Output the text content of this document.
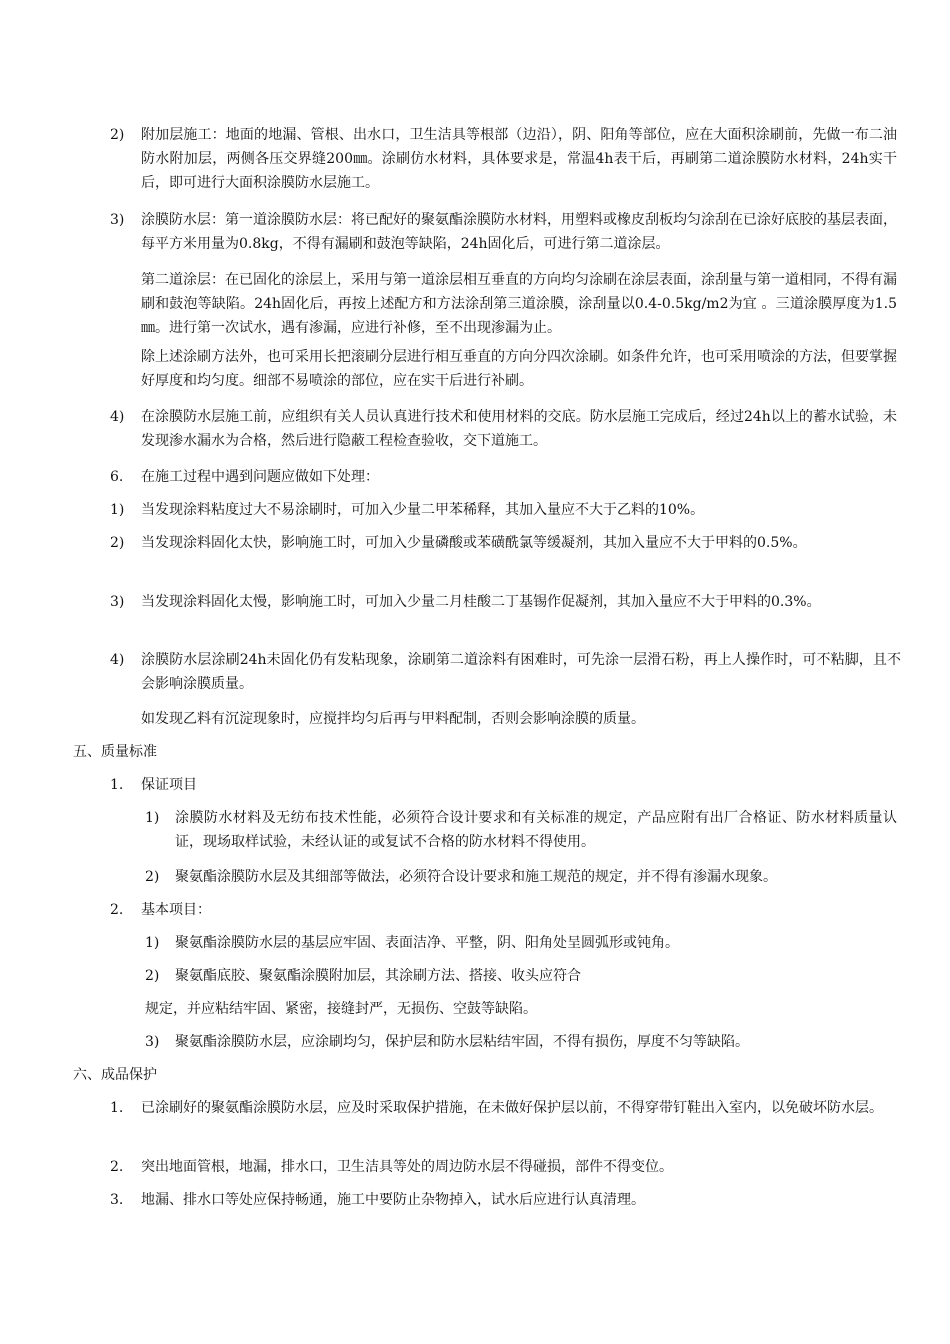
2) 附加层施工：地面的地漏、管根、出水口，卫生洁具等根部（边沿），阴、阳角等部位，应在大面积涂刷前，先做一布二油防水附加层，两侧各压交界缝200㎜。涂刷仿水材料，具体要求是，常温4h表干后，再刷第二道涂膜防水材料，24h实干后，即可进行大面积涂膜防水层施工。
3) 涂膜防水层：第一道涂膜防水层：将已配好的聚氨酯涂膜防水材料，用塑料或橡皮刮板均匀涂刮在已涂好底胶的基层表面，每平方米用量为0.8kg，不得有漏刷和鼓泡等缺陷，24h固化后，可进行第二道涂层。
第二道涂层：在已固化的涂层上，采用与第一道涂层相互垂直的方向均匀涂刷在涂层表面，涂刮量与第一道相同，不得有漏刷和鼓泡等缺陷。24h固化后，再按上述配方和方法涂刮第三道涂膜，涂刮量以0.4-0.5kg/m2为宜 。三道涂膜厚度为1.5㎜。进行第一次试水，遇有渗漏，应进行补修，至不出现渗漏为止。
除上述涂刷方法外，也可采用长把滚刷分层进行相互垂直的方向分四次涂刷。如条件允许，也可采用喷涂的方法，但要掌握好厚度和均匀度。细部不易喷涂的部位，应在实干后进行补刷。
4) 在涂膜防水层施工前，应组织有关人员认真进行技术和使用材料的交底。防水层施工完成后，经过24h以上的蓄水试验，未发现渗水漏水为合格，然后进行隐蔽工程检查验收，交下道施工。
6. 在施工过程中遇到问题应做如下处理：
1) 当发现涂料粘度过大不易涂刷时，可加入少量二甲苯稀释，其加入量应不大于乙料的10%。
2) 当发现涂料固化太快，影响施工时，可加入少量磷酸或苯磺酰氯等缓凝剂，其加入量应不大于甲料的0.5%。
3) 当发现涂料固化太慢，影响施工时，可加入少量二月桂酸二丁基锡作促凝剂，其加入量应不大于甲料的0.3%。
4) 涂膜防水层涂刷24h未固化仍有发粘现象，涂刷第二道涂料有困难时，可先涂一层滑石粉，再上人操作时，可不粘脚，且不会影响涂膜质量。
如发现乙料有沉淀现象时，应搅拌均匀后再与甲料配制，否则会影响涂膜的质量。
五、质量标准
1. 保证项目
1) 涂膜防水材料及无纺布技术性能，必须符合设计要求和有关标准的规定，产品应附有出厂合格证、防水材料质量认证，现场取样试验，未经认证的或复试不合格的防水材料不得使用。
2) 聚氨酯涂膜防水层及其细部等做法，必须符合设计要求和施工规范的规定，并不得有渗漏水现象。
2. 基本项目：
1) 聚氨酯涂膜防水层的基层应牢固、表面洁净、平整，阴、阳角处呈圆弧形或钝角。
2) 聚氨酯底胶、聚氨酯涂膜附加层，其涂刷方法、搭接、收头应符合
规定，并应粘结牢固、紧密，接缝封严，无损伤、空鼓等缺陷。
3) 聚氨酯涂膜防水层，应涂刷均匀，保护层和防水层粘结牢固，不得有损伤，厚度不匀等缺陷。
六、成品保护
1. 已涂刷好的聚氨酯涂膜防水层，应及时采取保护措施，在未做好保护层以前，不得穿带钉鞋出入室内，以免破坏防水层。
2. 突出地面管根，地漏，排水口，卫生洁具等处的周边防水层不得碰损，部件不得变位。
3. 地漏、排水口等处应保持畅通，施工中要防止杂物掉入，试水后应进行认真清理。
